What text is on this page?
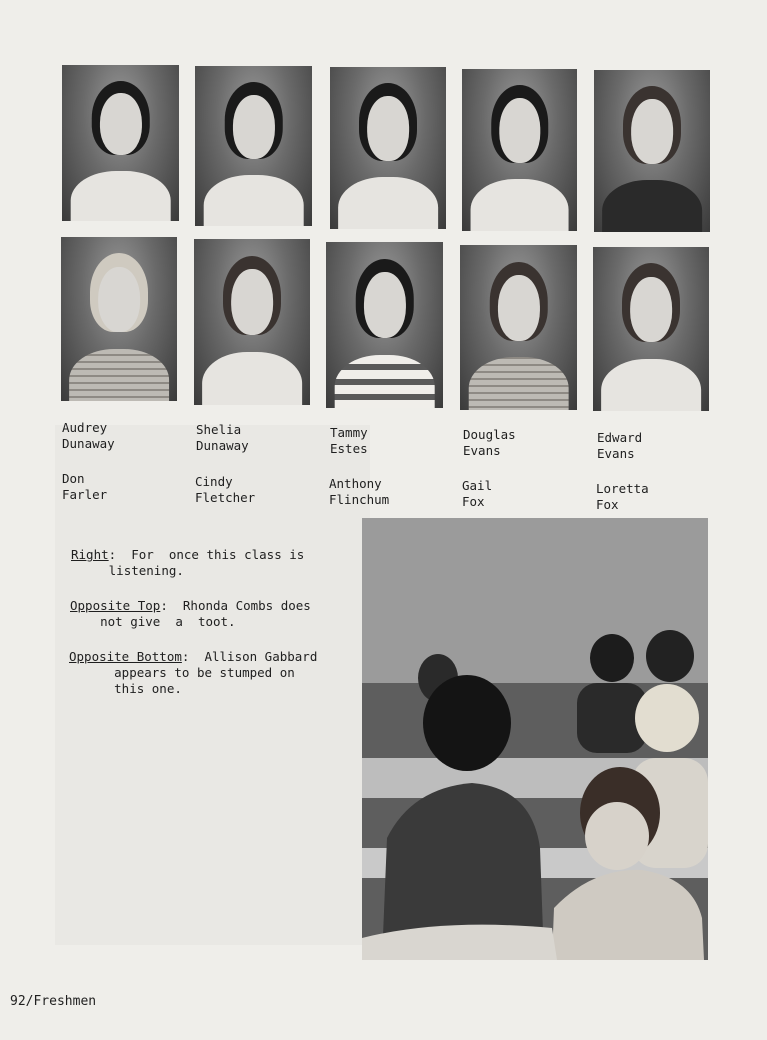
Audrey
Dunaway
Shelia
Dunaway
Tammy
Estes
Douglas
Evans
Edward
Evans
Don
Farler
Cindy
Fletcher
Anthony
Flinchum
Gail
Fox
Loretta
Fox
Right:  For  once this class is
listening.
Opposite Top:  Rhonda Combs does
not give  a  toot.
Opposite Bottom:  Allison Gabbard
appears to be stumped on
this one.
92/Freshmen
